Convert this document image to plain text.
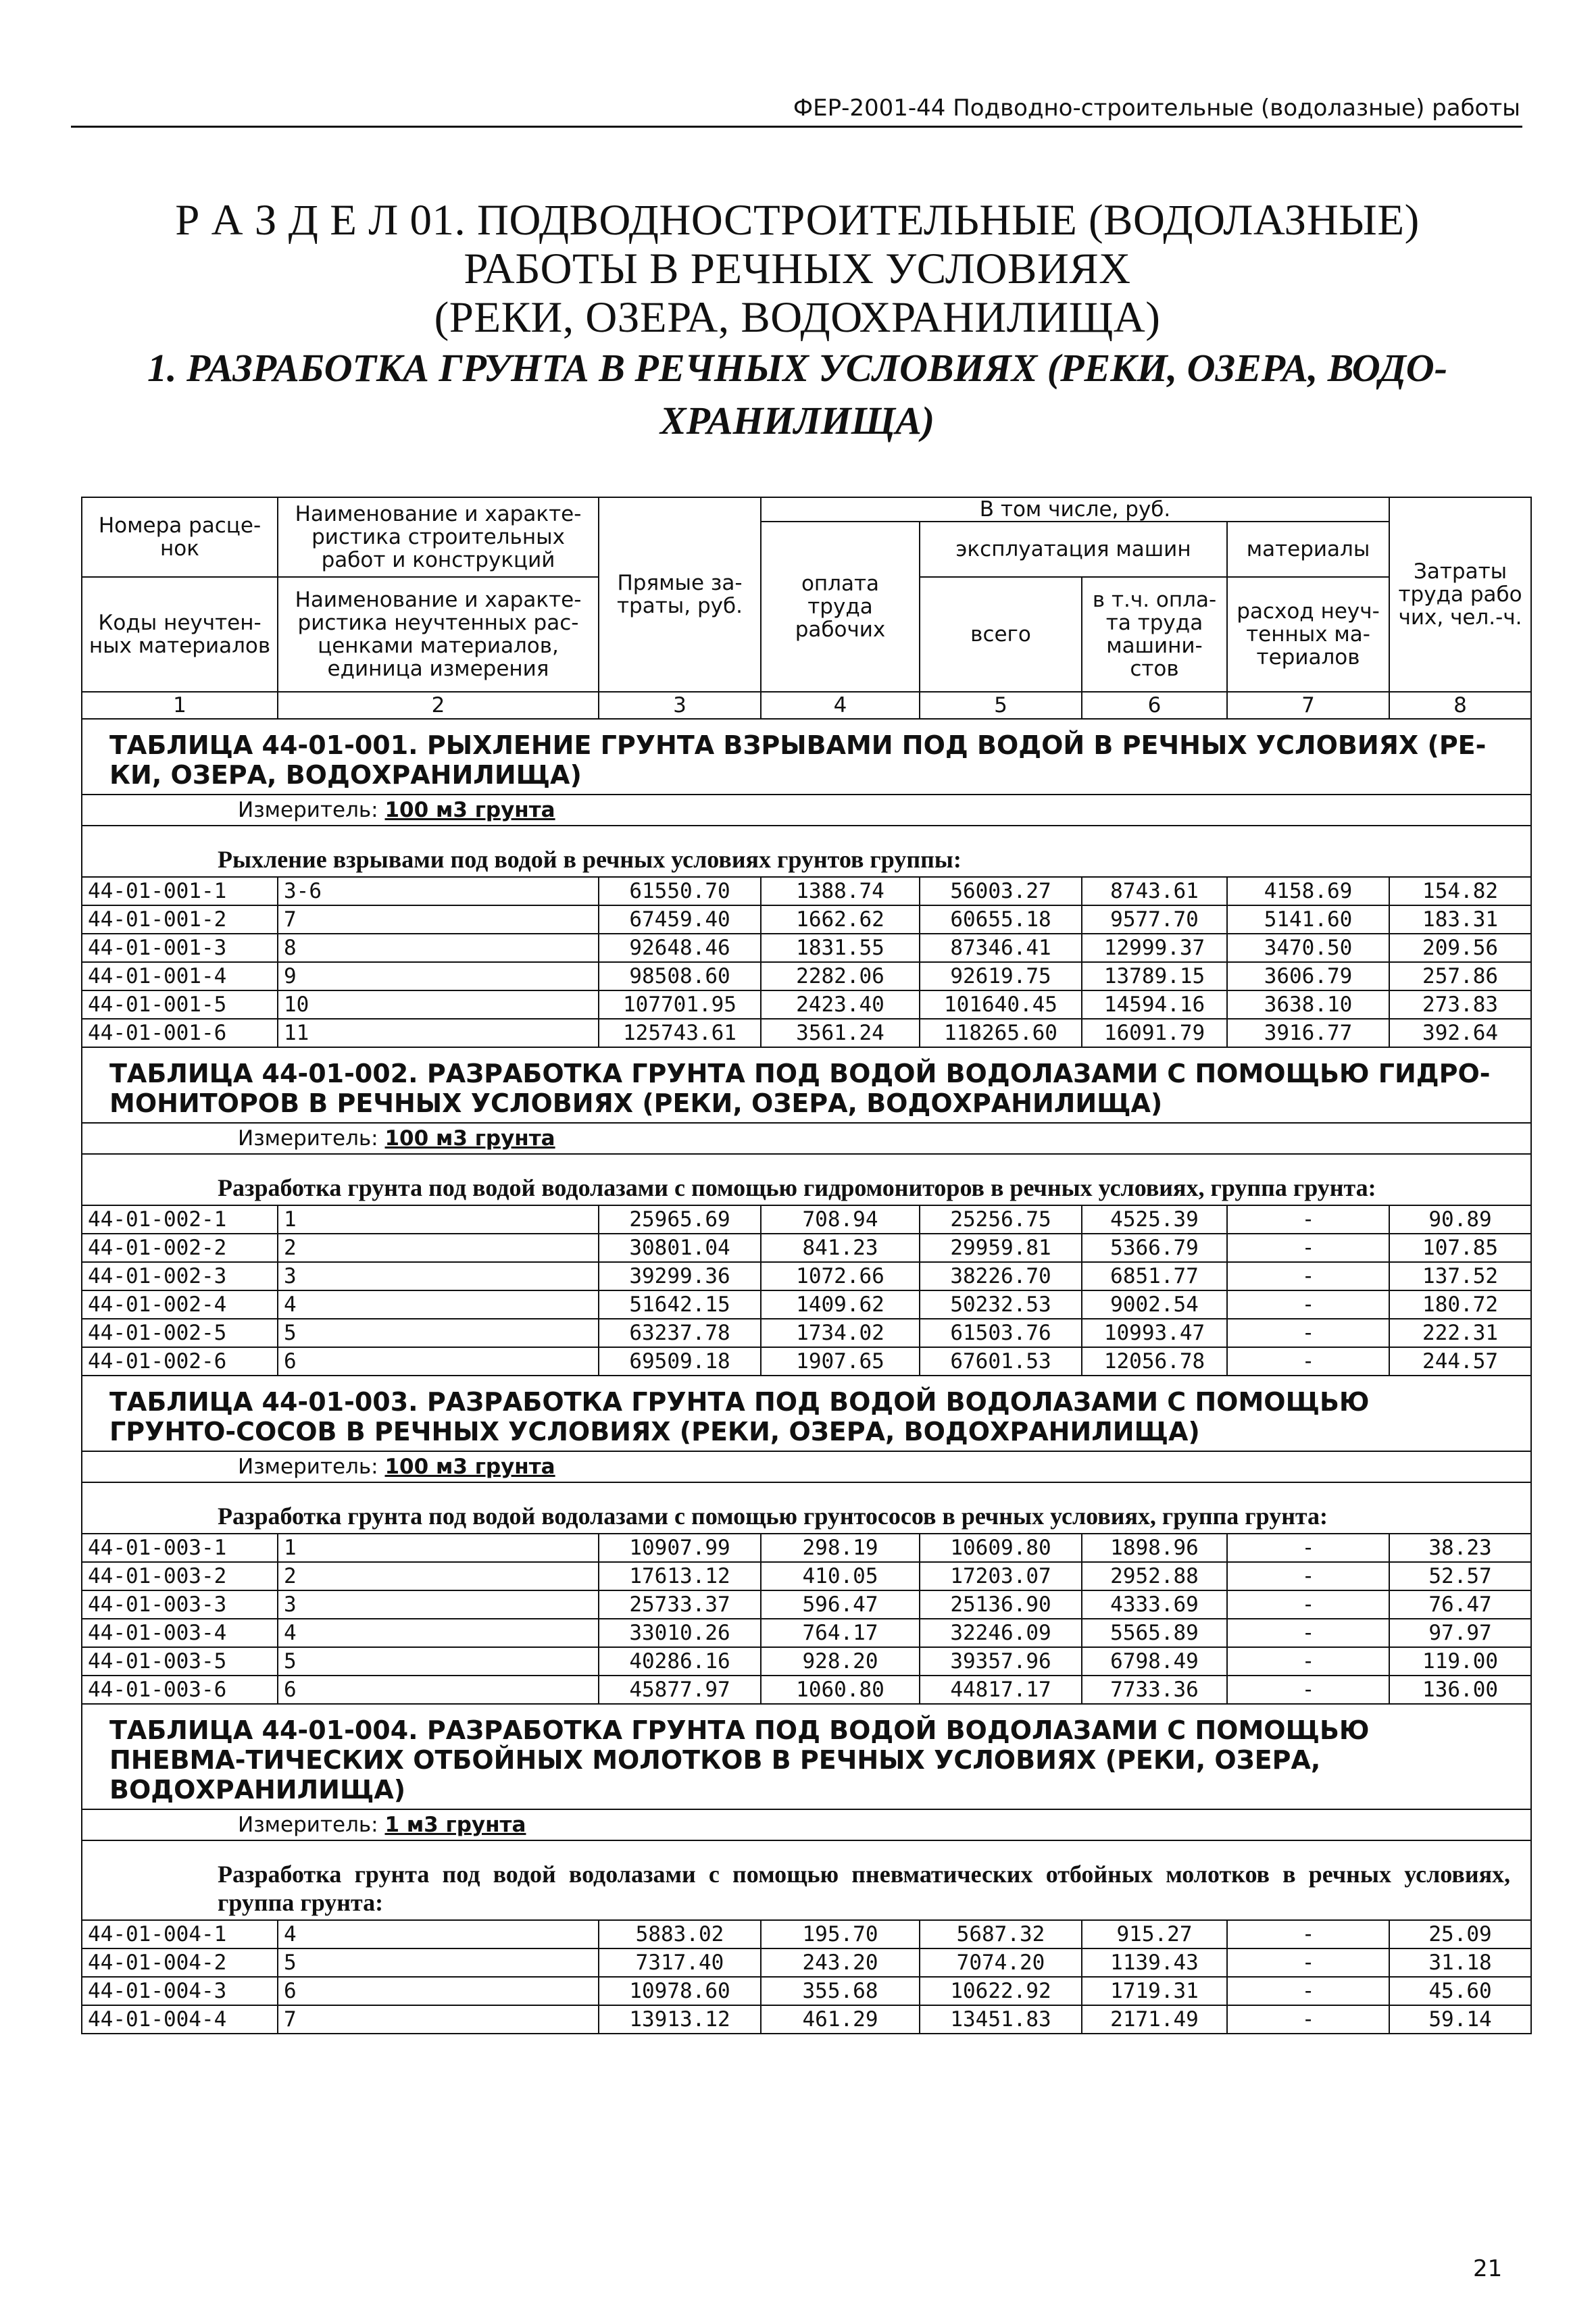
ФЕР-2001-44 Подводно-строительные (водолазные) работы
Р А З Д Е Л 01. ПОДВОДНОСТРОИТЕЛЬНЫЕ (ВОДОЛАЗНЫЕ)
РАБОТЫ В РЕЧНЫХ УСЛОВИЯХ
(РЕКИ, ОЗЕРА, ВОДОХРАНИЛИЩА)
1. РАЗРАБОТКА ГРУНТА В РЕЧНЫХ УСЛОВИЯХ (РЕКИ, ОЗЕРА, ВОДО-
ХРАНИЛИЩА)
Номера расце-нок	Наименование и характе-ристика строительных работ и конструкций	Прямые за-траты, руб.	В том числе, руб.				Затраты труда рабо чих, чел.-ч.
			оплата труда рабочих	эксплуатация машин		материалы	
Коды неучтен-ных материалов	Наименование и характе-ристика неучтенных рас-ценками материалов, единица измерения			всего	в т.ч. опла-та труда машини-стов	расход неуч-тенных ма-териалов	

1	2	3	4	5	6	7	8
ТАБЛИЦА 44-01-001. РЫХЛЕНИЕ ГРУНТА ВЗРЫВАМИ ПОД ВОДОЙ В РЕЧНЫХ УСЛОВИЯХ (РЕ-КИ, ОЗЕРА, ВОДОХРАНИЛИЩА)							
Измеритель: 100 м3 грунта							
Рыхление взрывами под водой в речных условиях грунтов группы:							
44-01-001-1	3-6	61550.70	1388.74	56003.27	8743.61	4158.69	154.82
44-01-001-2	7	67459.40	1662.62	60655.18	9577.70	5141.60	183.31
44-01-001-3	8	92648.46	1831.55	87346.41	12999.37	3470.50	209.56
44-01-001-4	9	98508.60	2282.06	92619.75	13789.15	3606.79	257.86
44-01-001-5	10	107701.95	2423.40	101640.45	14594.16	3638.10	273.83
44-01-001-6	11	125743.61	3561.24	118265.60	16091.79	3916.77	392.64
ТАБЛИЦА 44-01-002. РАЗРАБОТКА ГРУНТА ПОД ВОДОЙ ВОДОЛАЗАМИ С ПОМОЩЬЮ ГИДРО-МОНИТОРОВ В РЕЧНЫХ УСЛОВИЯХ (РЕКИ, ОЗЕРА, ВОДОХРАНИЛИЩА)							
Измеритель: 100 м3 грунта							
Разработка грунта под водой водолазами с помощью гидромониторов в речных условиях, группа грунта:							
44-01-002-1	1	25965.69	708.94	25256.75	4525.39	-	90.89
44-01-002-2	2	30801.04	841.23	29959.81	5366.79	-	107.85
44-01-002-3	3	39299.36	1072.66	38226.70	6851.77	-	137.52
44-01-002-4	4	51642.15	1409.62	50232.53	9002.54	-	180.72
44-01-002-5	5	63237.78	1734.02	61503.76	10993.47	-	222.31
44-01-002-6	6	69509.18	1907.65	67601.53	12056.78	-	244.57
ТАБЛИЦА 44-01-003. РАЗРАБОТКА ГРУНТА ПОД ВОДОЙ ВОДОЛАЗАМИ С ПОМОЩЬЮ ГРУНТО-СОСОВ В РЕЧНЫХ УСЛОВИЯХ (РЕКИ, ОЗЕРА, ВОДОХРАНИЛИЩА)							
Измеритель: 100 м3 грунта							
Разработка грунта под водой водолазами с помощью грунтососов в речных условиях, группа грунта:							
44-01-003-1	1	10907.99	298.19	10609.80	1898.96	-	38.23
44-01-003-2	2	17613.12	410.05	17203.07	2952.88	-	52.57
44-01-003-3	3	25733.37	596.47	25136.90	4333.69	-	76.47
44-01-003-4	4	33010.26	764.17	32246.09	5565.89	-	97.97
44-01-003-5	5	40286.16	928.20	39357.96	6798.49	-	119.00
44-01-003-6	6	45877.97	1060.80	44817.17	7733.36	-	136.00
ТАБЛИЦА 44-01-004. РАЗРАБОТКА ГРУНТА ПОД ВОДОЙ ВОДОЛАЗАМИ С ПОМОЩЬЮ ПНЕВМА-ТИЧЕСКИХ ОТБОЙНЫХ МОЛОТКОВ В РЕЧНЫХ УСЛОВИЯХ (РЕКИ, ОЗЕРА, ВОДОХРАНИЛИЩА)							
Измеритель: 1 м3 грунта							
Разработка грунта под водой водолазами с помощью пневматических отбойных молотков в речных условиях, группа грунта:							
44-01-004-1	4	5883.02	195.70	5687.32	915.27	-	25.09
44-01-004-2	5	7317.40	243.20	7074.20	1139.43	-	31.18
44-01-004-3	6	10978.60	355.68	10622.92	1719.31	-	45.60
44-01-004-4	7	13913.12	461.29	13451.83	2171.49	-	59.14
21
